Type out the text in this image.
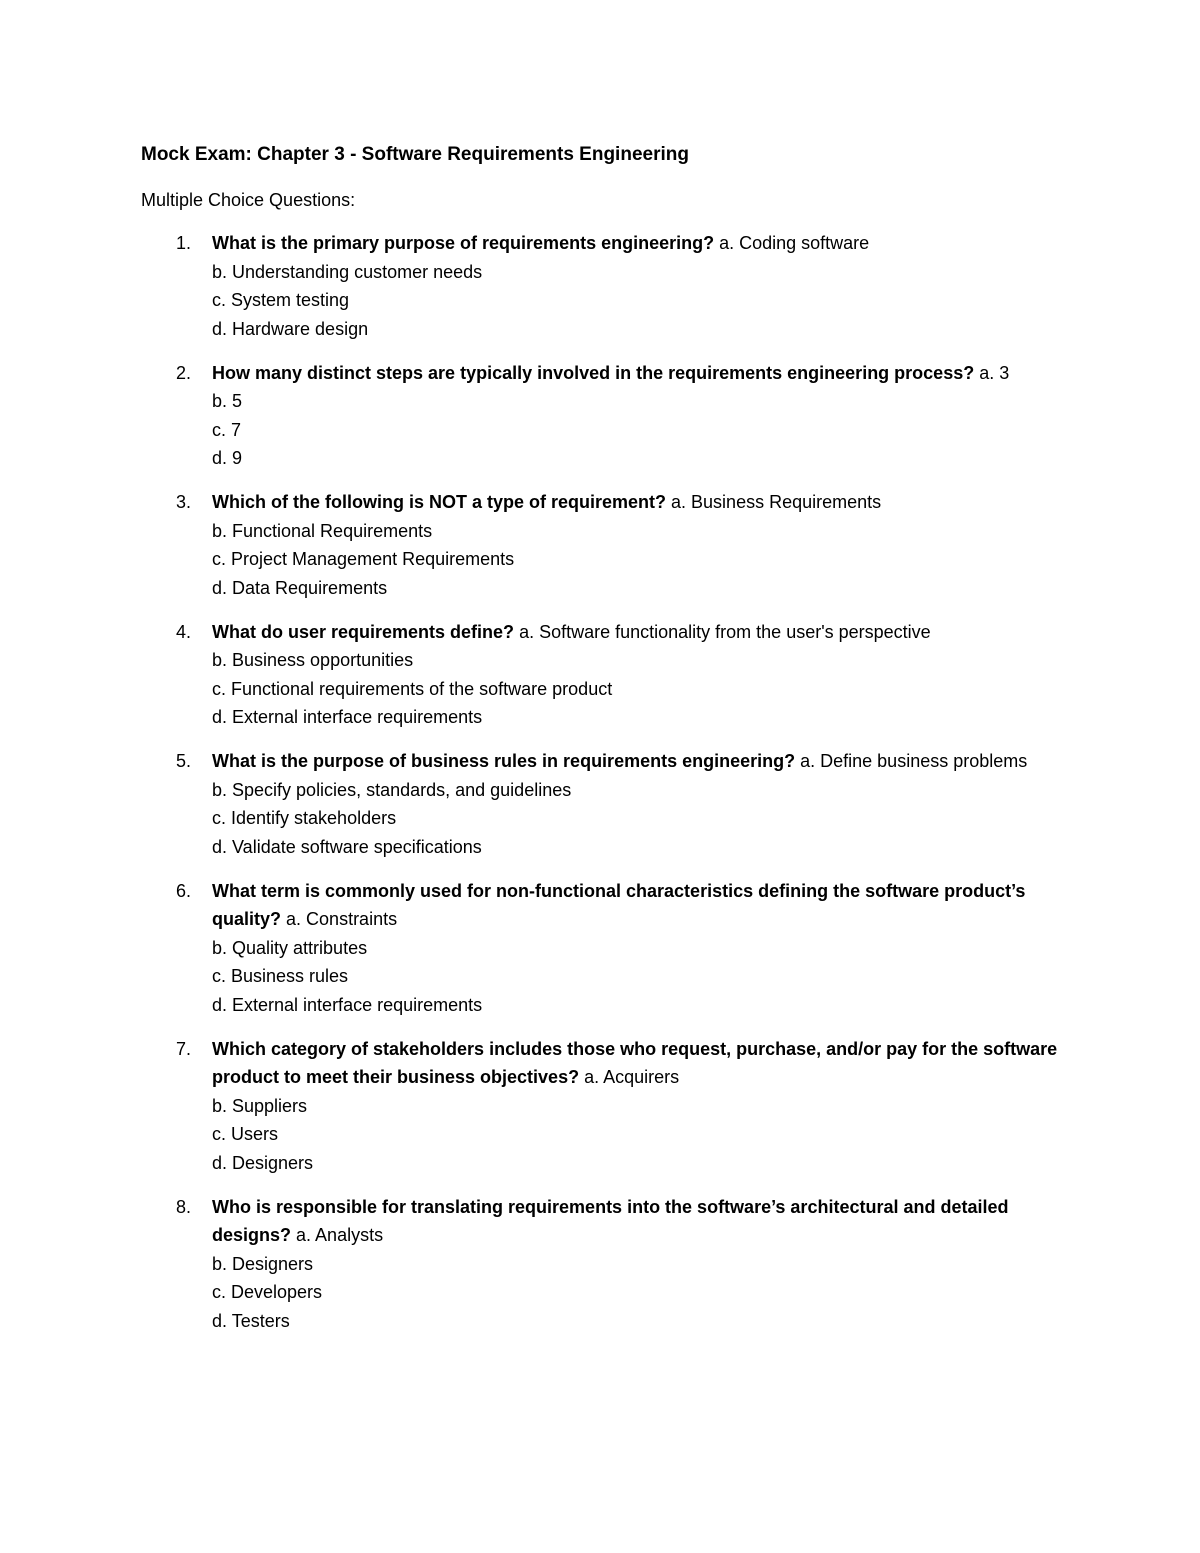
Mock Exam: Chapter 3 - Software Requirements Engineering
Multiple Choice Questions:
1. What is the primary purpose of requirements engineering? a. Coding software
b. Understanding customer needs
c. System testing
d. Hardware design
2. How many distinct steps are typically involved in the requirements engineering process? a. 3
b. 5
c. 7
d. 9
3. Which of the following is NOT a type of requirement? a. Business Requirements
b. Functional Requirements
c. Project Management Requirements
d. Data Requirements
4. What do user requirements define? a. Software functionality from the user's perspective
b. Business opportunities
c. Functional requirements of the software product
d. External interface requirements
5. What is the purpose of business rules in requirements engineering? a. Define business problems
b. Specify policies, standards, and guidelines
c. Identify stakeholders
d. Validate software specifications
6. What term is commonly used for non-functional characteristics defining the software product’s quality? a. Constraints
b. Quality attributes
c. Business rules
d. External interface requirements
7. Which category of stakeholders includes those who request, purchase, and/or pay for the software product to meet their business objectives? a. Acquirers
b. Suppliers
c. Users
d. Designers
8. Who is responsible for translating requirements into the software’s architectural and detailed designs? a. Analysts
b. Designers
c. Developers
d. Testers
